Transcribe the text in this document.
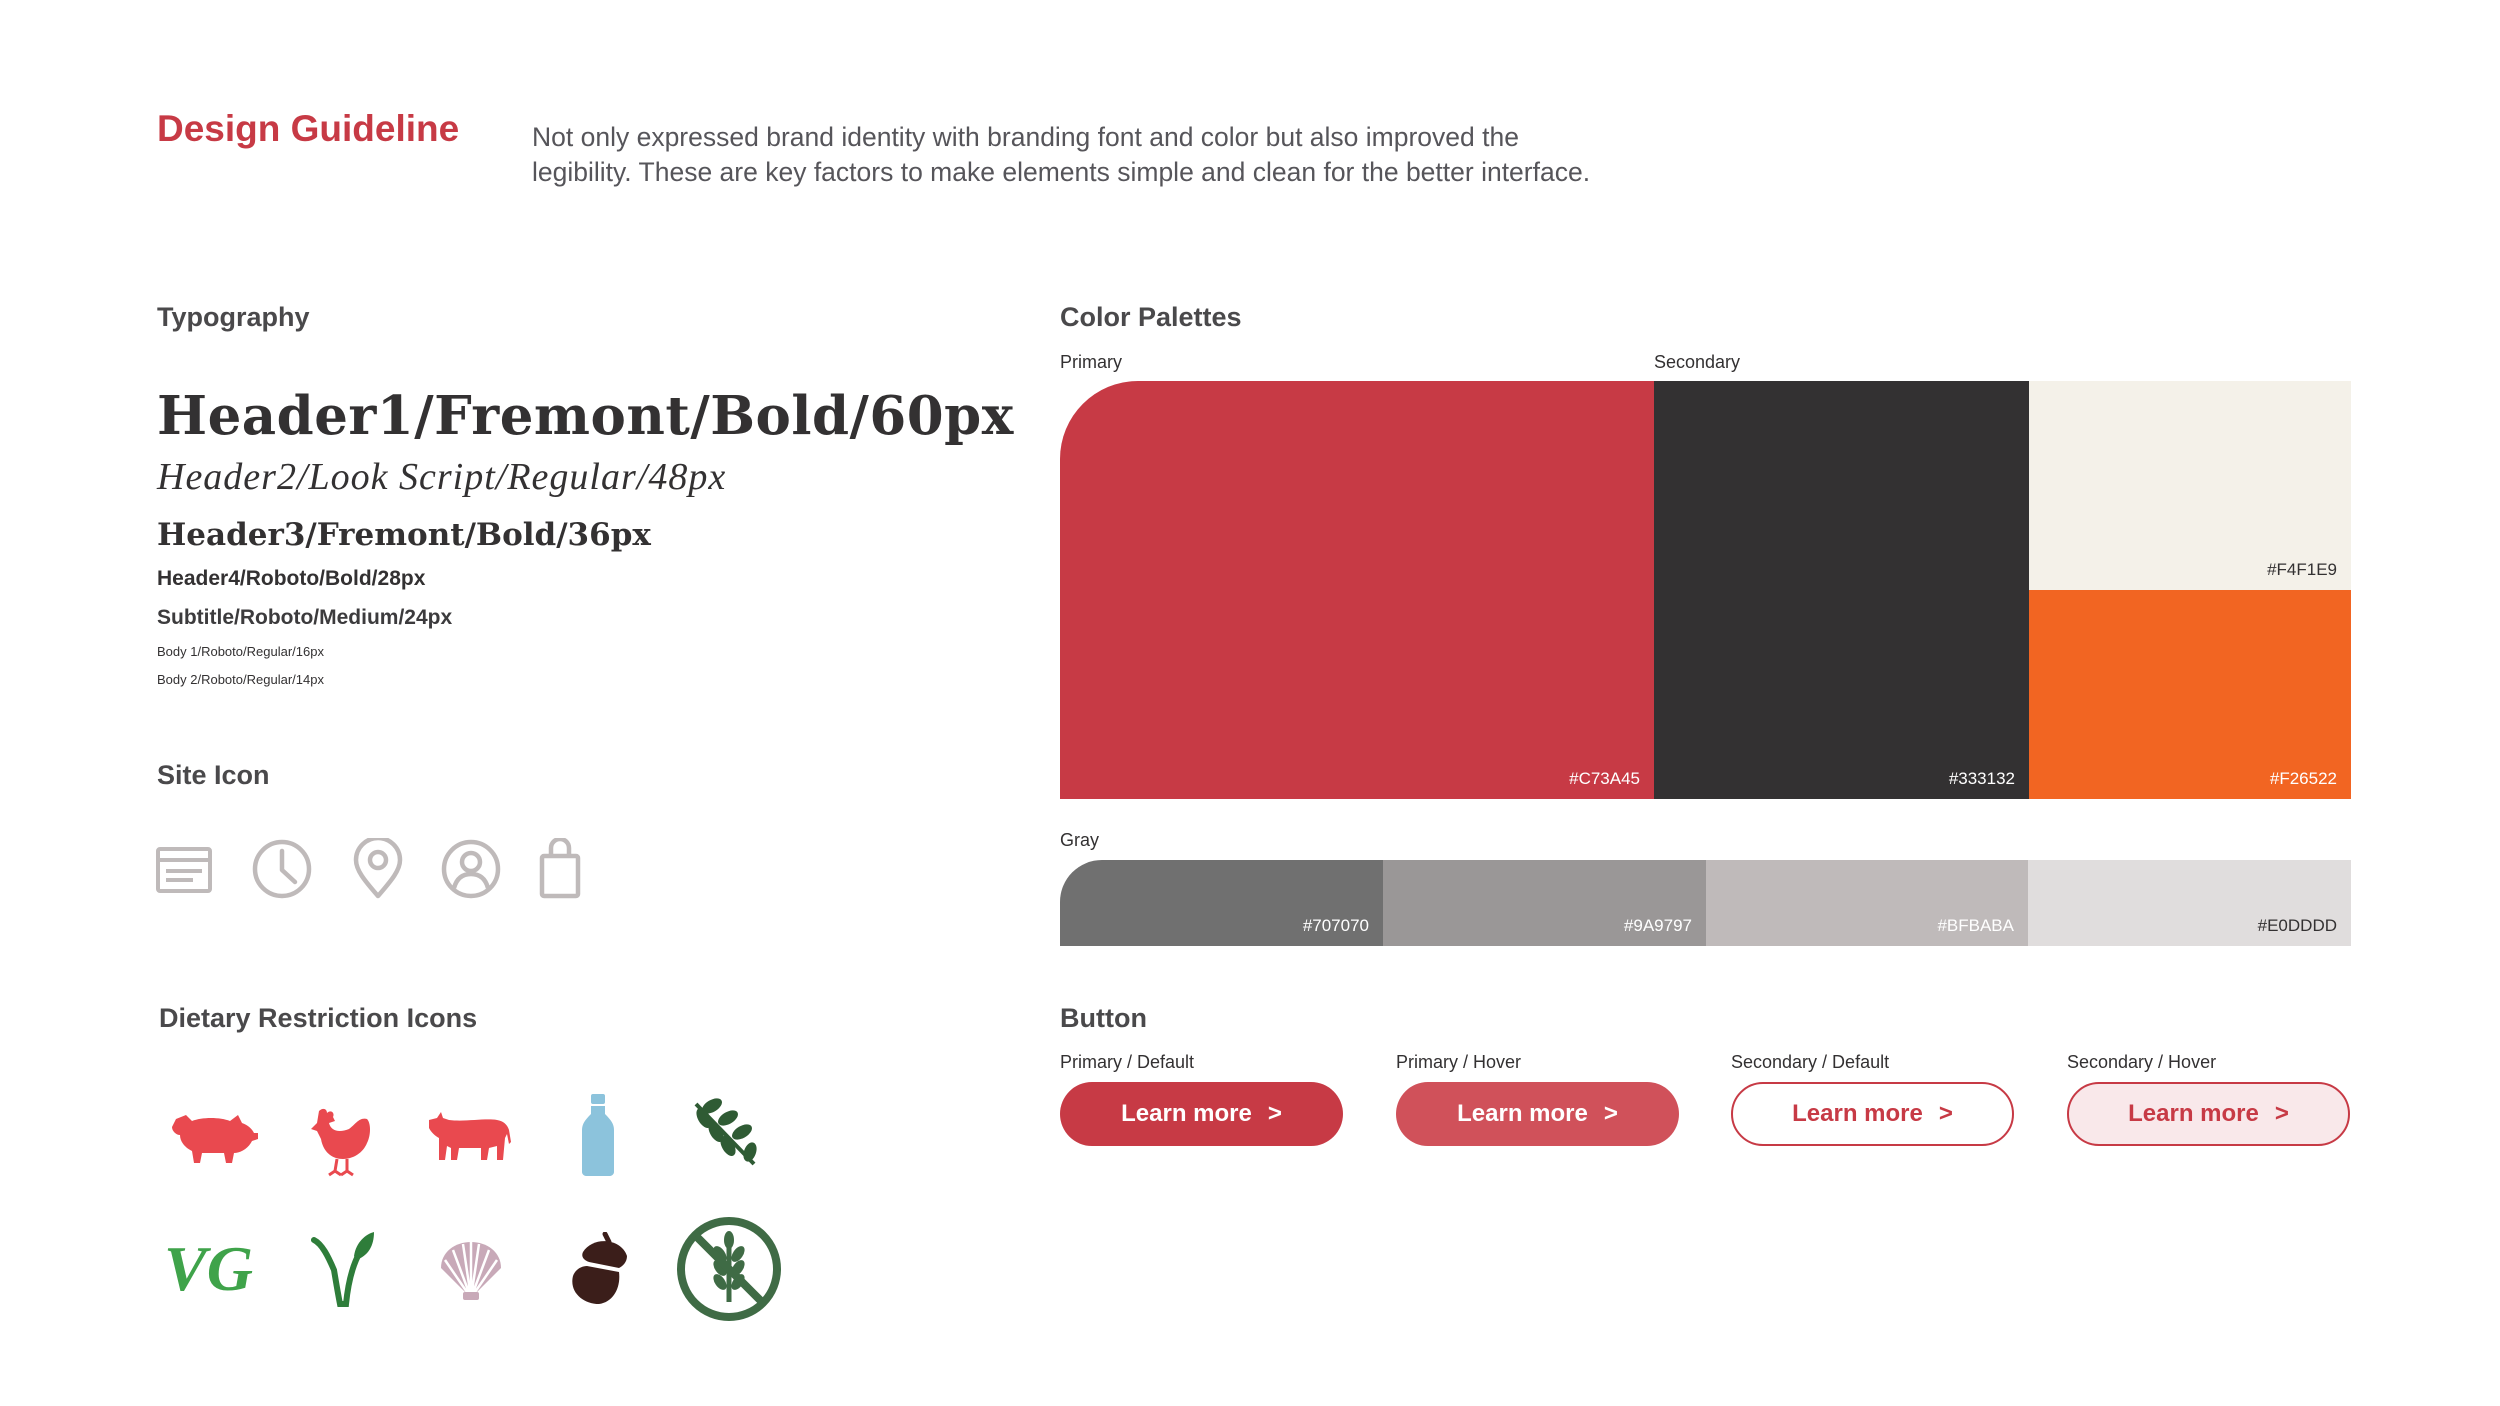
Design Guideline	Not only expressed brand identity with branding font and color but also improved the legibility. These are key factors to make elements simple and clean for the better interface.
Typography
Header1/Fremont/Bold/60px
Header2/Look Script/Regular/48px
Header3/Fremont/Bold/36px
Header4/Roboto/Bold/28px
Subtitle/Roboto/Medium/24px
Body 1/Roboto/Regular/16px
Body 2/Roboto/Regular/14px
Site Icon
Dietary Restriction Icons
VG
Color Palettes
Primary	Secondary
#C73A45	#333132
#F4F1E9
#F26522
Gray
#707070	#9A9797	#BFBABA	#E0DDDD
Button
Primary / Default
Learn more >
Primary / Hover
Learn more >
Secondary / Default
Learn more >
Secondary / Hover
Learn more >
